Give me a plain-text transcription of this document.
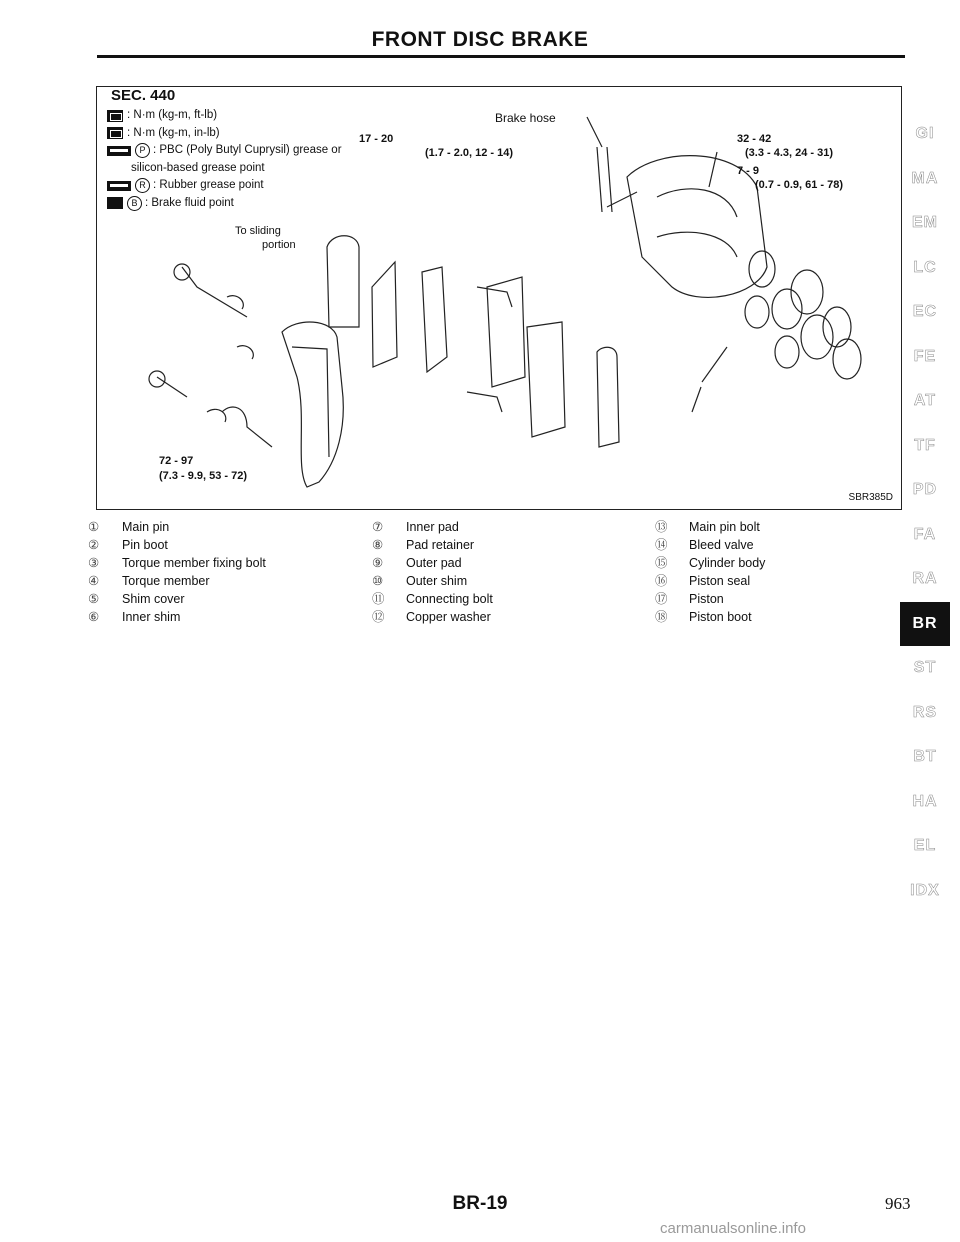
FRONT DISC BRAKE
SEC. 440
: N·m (kg-m, ft-lb)
: N·m (kg-m, in-lb)
P : PBC (Poly Butyl Cuprysil) grease or
silicon-based grease point
R : Rubber grease point
B : Brake fluid point
To sliding
portion
Brake hose
17 - 20
(1.7 - 2.0, 12 - 14)
32 - 42
(3.3 - 4.3, 24 - 31)
7 - 9
(0.7 - 0.9, 61 - 78)
72 - 97
(7.3 - 9.9, 53 - 72)
SBR385D
①	Main pin
②	Pin boot
③	Torque member fixing bolt
④	Torque member
⑤	Shim cover
⑥	Inner shim
⑦	Inner pad
⑧	Pad retainer
⑨	Outer pad
⑩	Outer shim
⑪	Connecting bolt
⑫	Copper washer
⑬	Main pin bolt
⑭	Bleed valve
⑮	Cylinder body
⑯	Piston seal
⑰	Piston
⑱	Piston boot
GI
MA
EM
LC
EC
FE
AT
TF
PD
FA
RA
BR
ST
RS
BT
HA
EL
IDX
BR-19	963
carmanualsonline.info
